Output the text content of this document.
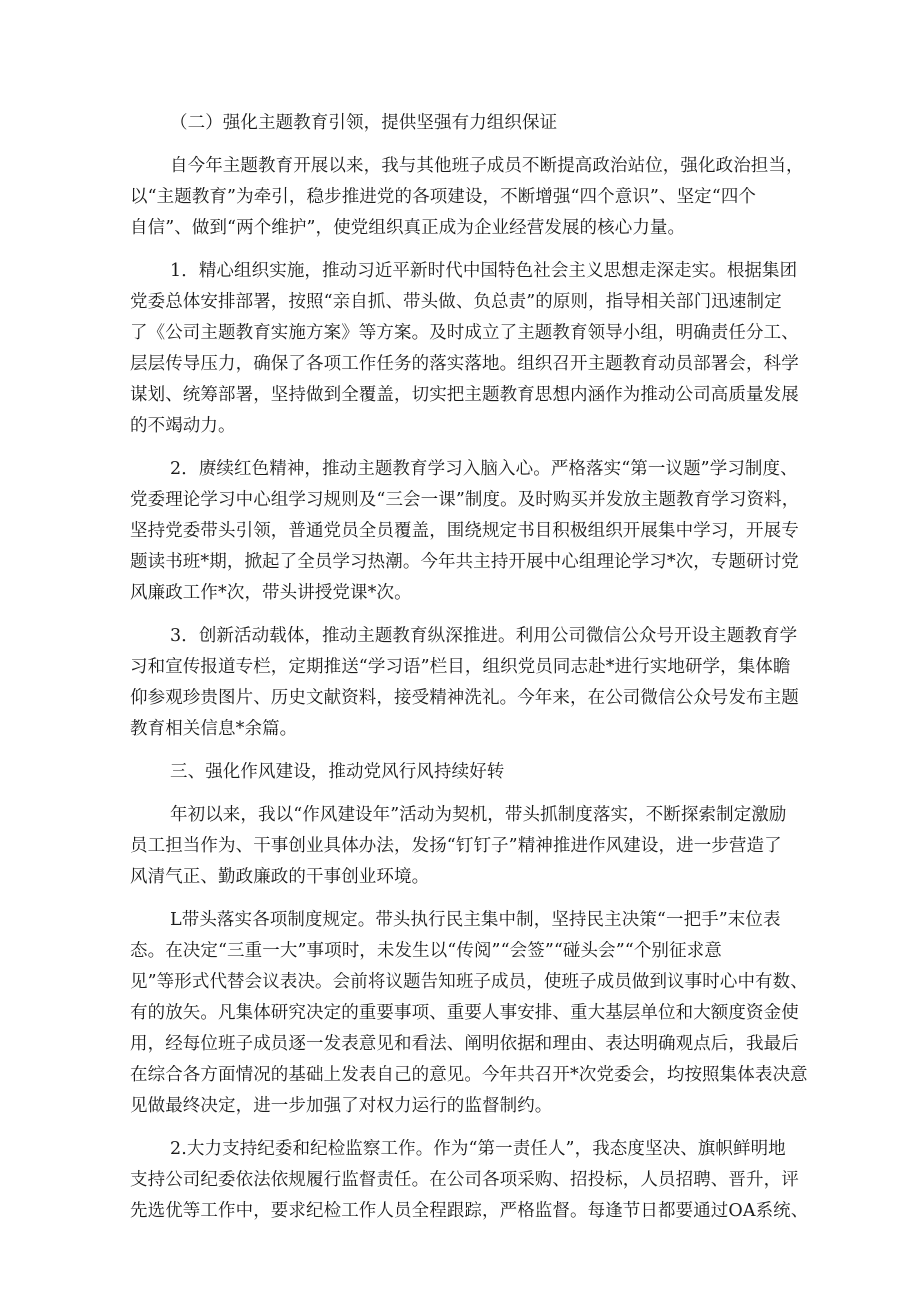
（二）强化主题教育引领，提供坚强有力组织保证

自今年主题教育开展以来，我与其他班子成员不断提高政治站位，强化政治担当，
以“主题教育”为牵引，稳步推进党的各项建设，不断增强“四个意识”、坚定“四个
自信”、做到“两个维护”，使党组织真正成为企业经营发展的核心力量。

1．精心组织实施，推动习近平新时代中国特色社会主义思想走深走实。根据集团
党委总体安排部署，按照“亲自抓、带头做、负总责”的原则，指导相关部门迅速制定
了《公司主题教育实施方案》等方案。及时成立了主题教育领导小组，明确责任分工、
层层传导压力，确保了各项工作任务的落实落地。组织召开主题教育动员部署会，科学
谋划、统筹部署，坚持做到全覆盖，切实把主题教育思想内涵作为推动公司高质量发展
的不竭动力。

2．赓续红色精神，推动主题教育学习入脑入心。严格落实“第一议题”学习制度、
党委理论学习中心组学习规则及“三会一课”制度。及时购买并发放主题教育学习资料，
坚持党委带头引领，普通党员全员覆盖，围绕规定书目积极组织开展集中学习，开展专
题读书班*期，掀起了全员学习热潮。今年共主持开展中心组理论学习*次，专题研讨党
风廉政工作*次，带头讲授党课*次。

3．创新活动载体，推动主题教育纵深推进。利用公司微信公众号开设主题教育学
习和宣传报道专栏，定期推送“学习语”栏目，组织党员同志赴*进行实地研学，集体瞻
仰参观珍贵图片、历史文献资料，接受精神洗礼。今年来，在公司微信公众号发布主题
教育相关信息*余篇。

三、强化作风建设，推动党风行风持续好转

年初以来，我以“作风建设年”活动为契机，带头抓制度落实，不断探索制定激励
员工担当作为、干事创业具体办法，发扬“钉钉子”精神推进作风建设，进一步营造了
风清气正、勤政廉政的干事创业环境。

L带头落实各项制度规定。带头执行民主集中制，坚持民主决策“一把手”末位表
态。在决定“三重一大”事项时，未发生以“传阅”“会签”“碰头会”“个别征求意
见”等形式代替会议表决。会前将议题告知班子成员，使班子成员做到议事时心中有数、
有的放矢。凡集体研究决定的重要事项、重要人事安排、重大基层单位和大额度资金使
用，经每位班子成员逐一发表意见和看法、阐明依据和理由、表达明确观点后，我最后
在综合各方面情况的基础上发表自己的意见。今年共召开*次党委会，均按照集体表决意
见做最终决定，进一步加强了对权力运行的监督制约。

2.大力支持纪委和纪检监察工作。作为“第一责任人”，我态度坚决、旗帜鲜明地
支持公司纪委依法依规履行监督责任。在公司各项采购、招投标，人员招聘、晋升，评
先选优等工作中，要求纪检工作人员全程跟踪，严格监督。每逢节日都要通过OA系统、
